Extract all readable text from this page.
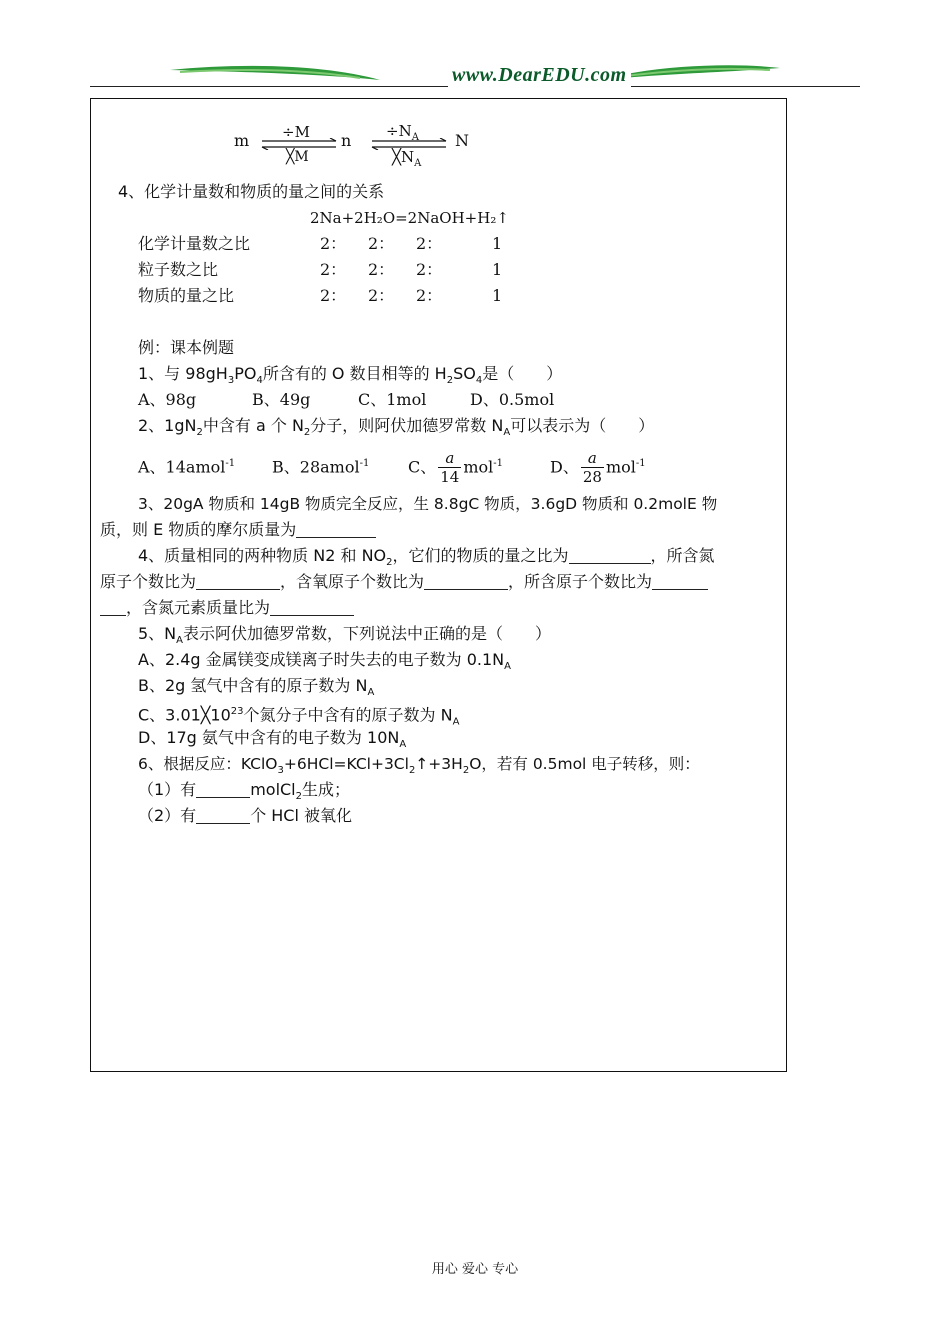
www.DearEDU.com
m ÷M
╳M
$n \div N_A$
$╳N_A$
N
4、化学计量数和物质的量之间的关系
2Na+2H₂O=2NaOH+H₂↑
化学计量数之比	2： 2： 2：	1
粒子数之比	2： 2： 2：	1
物质的量之比	2： 2： 2：	1
例：课本例题
1、与 $98gH_3PO_4$所含有的 O 数目相等的 $H_2SO_4$是（　　）
A、98g	B、49g	C、1mol	D、0.5mol
2、$1gN_2$中含有 a 个 $N_2$分子，则阿伏加德罗常数 $N_A$可以表示为（　　）
A、14amol$^{-1}$ B、28amol$^{-1}$ C、 $\frac{a}{14} mol^{-1}$	D、 $\frac{a}{28} mol^{-1}$
3、20gA 物质和 14gB 物质完全反应，生 8.8gC 物质，3.6gD 物质和 0.2molE 物
质，则 E 物质的摩尔质量为
4、质量相同的两种物质 N2 和 $NO_2$，它们的物质的量之比为	，所含氮
原子个数比为	，含氧原子个数比为	，所含原子个数比为
，含氮元素质量比为
5、$N_A$表示阿伏加德罗常数，下列说法中正确的是（　　）
A、2.4g 金属镁变成镁离子时失去的电子数为 $0.1N_A$
B、2g 氢气中含有的原子数为 $N_A$
C、$3.01╳10^{23}$个氮分子中含有的原子数为 $N_A$
D、17g 氨气中含有的电子数为 $10N_A$
6、根据反应：$KClO_3+6HCl=KCl+3Cl_2↑+3H_2O$，若有 0.5mol 电子转移，则：
（1）有	molCl$_2$生成；
（2）有	个 HCl 被氧化
用心 爱心 专心
